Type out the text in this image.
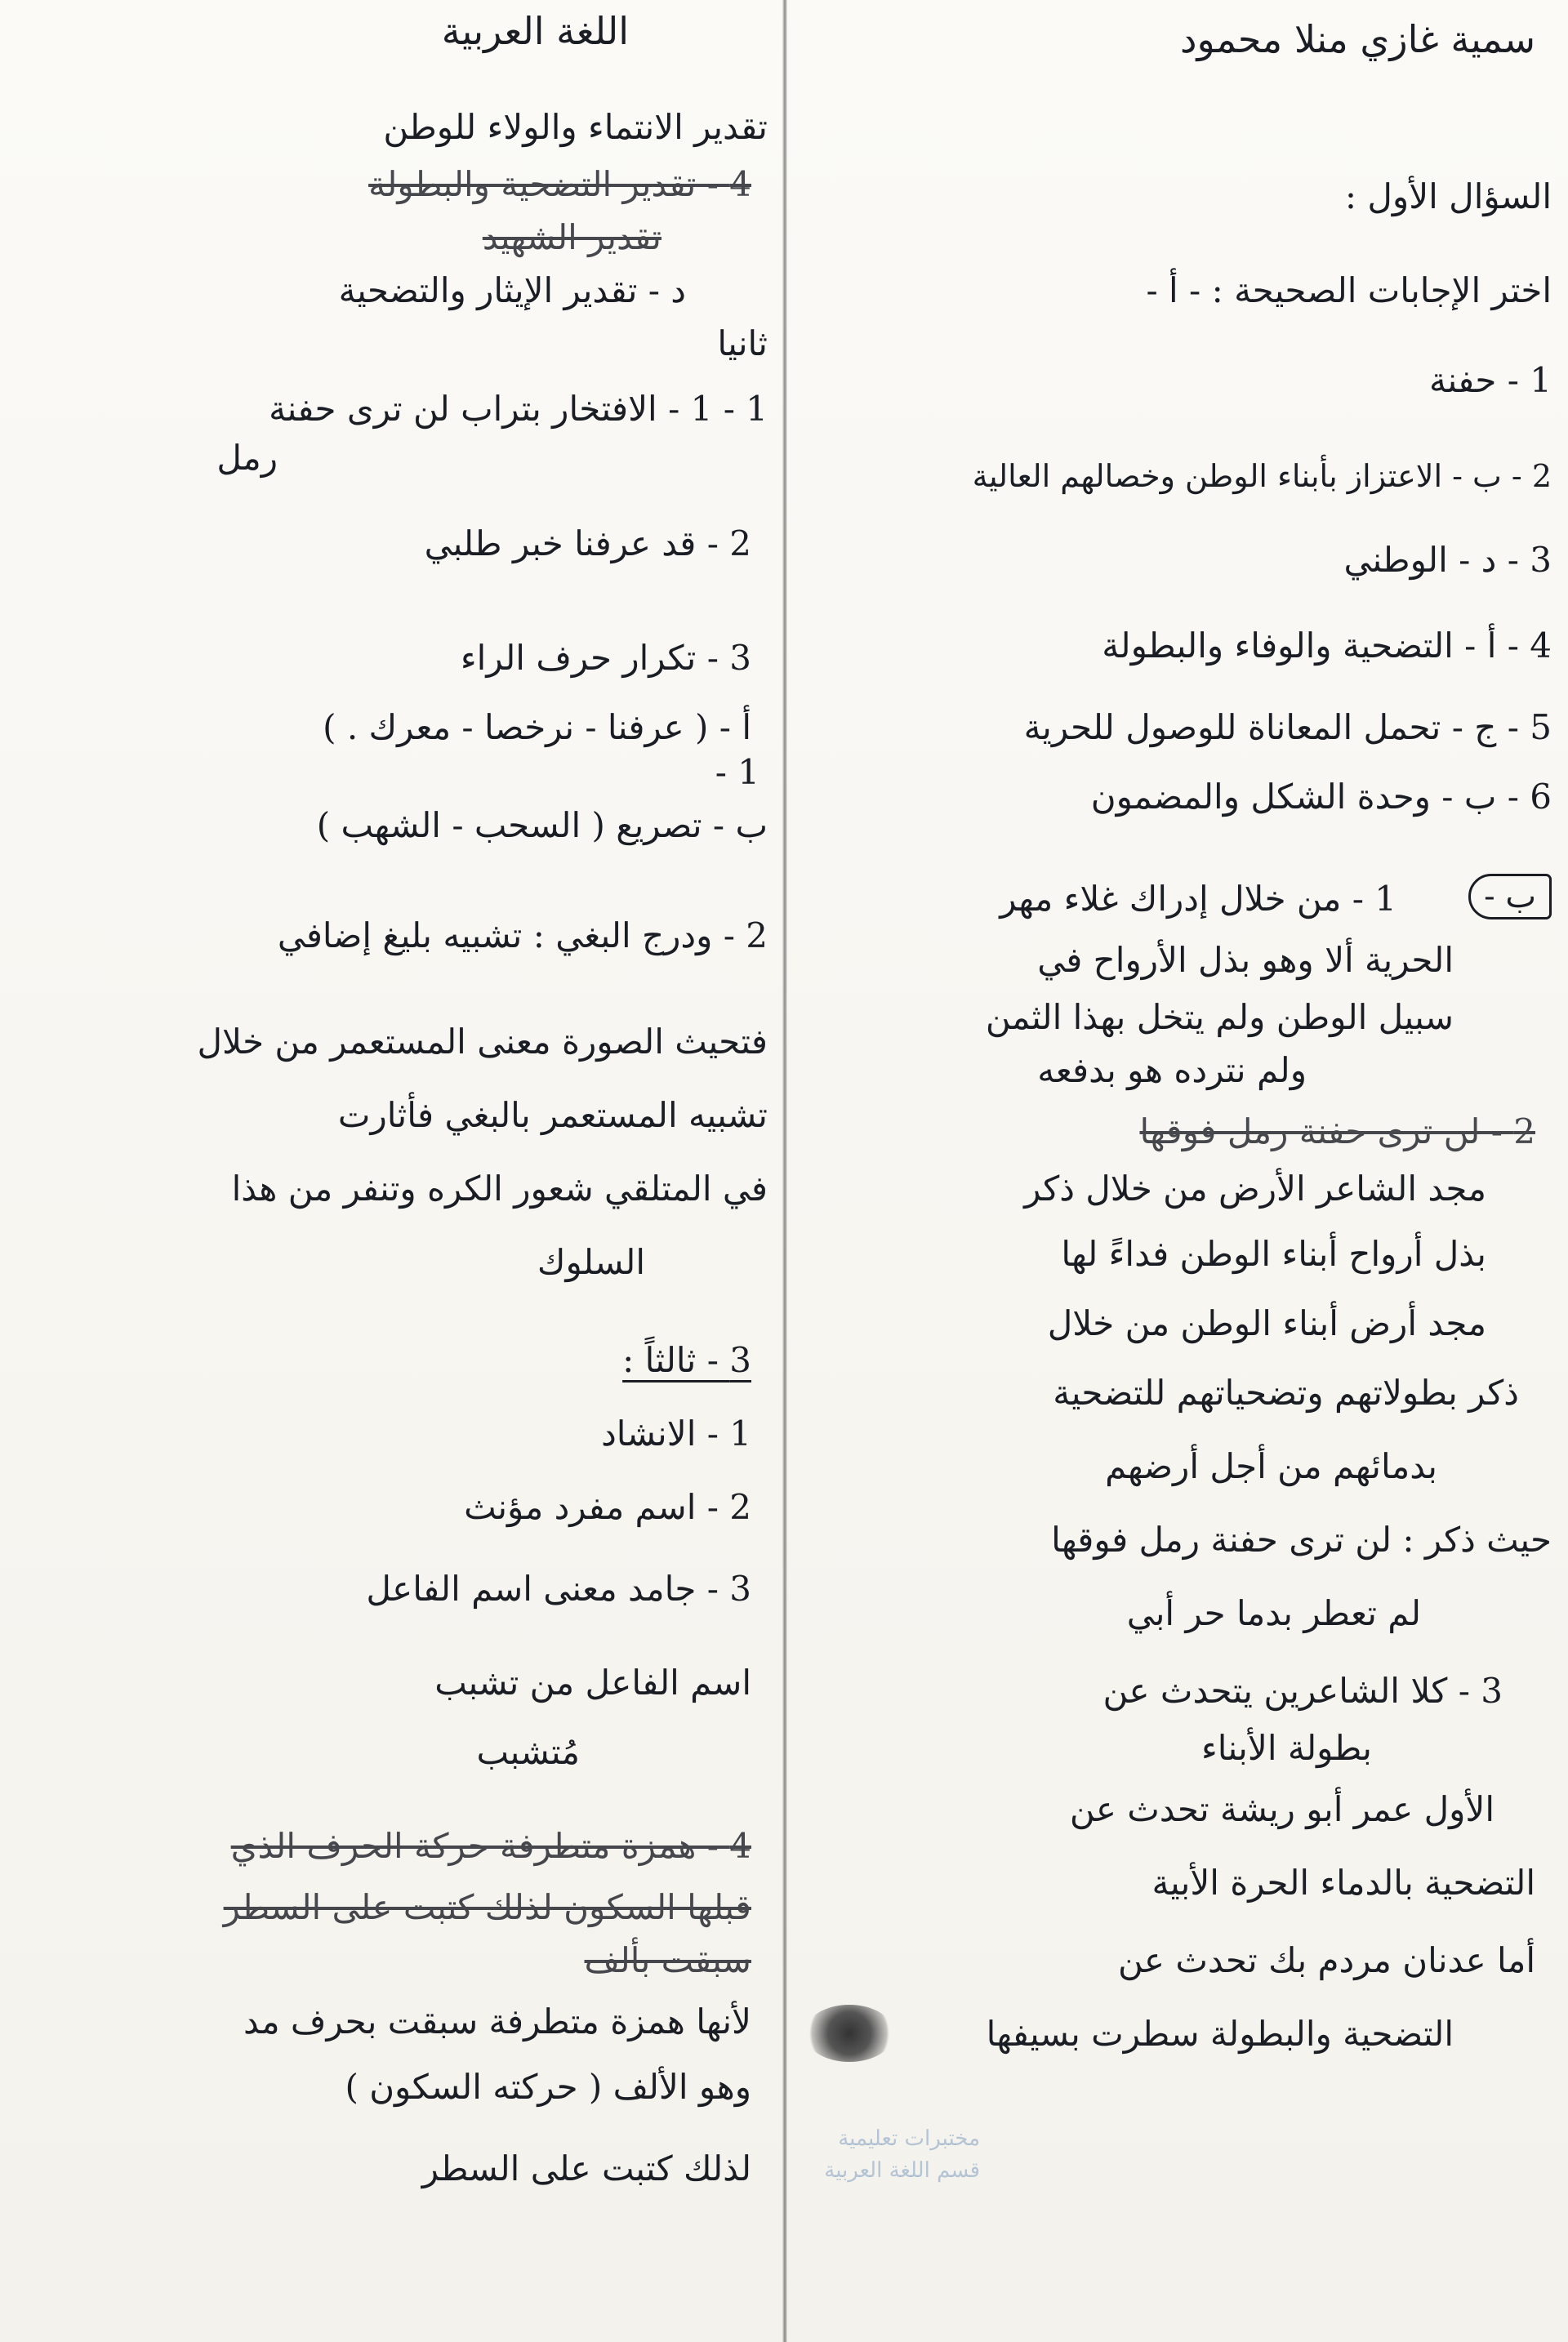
اللغة العربية
تقدير الانتماء والولاء للوطن
4 - تقدير التضحية والبطولة
تقدير الشهيد
د - تقدير الإيثار والتضحية
ثانيا
1 - 1 - الافتخار بتراب لن ترى حفنة
رمل
2 - قد عرفنا خبر طلبي
3 - تكرار حرف الراء
أ - ( عرفنا - نرخصا - معرك . )
1 -
ب - تصريع ( السحب - الشهب )
2 - ودرج البغي : تشبيه بليغ إضافي
فتحيث الصورة معنى المستعمر من خلال
تشبيه المستعمر بالبغي فأثارت
في المتلقي شعور الكره وتنفر من هذا
السلوك
3 - ثالثاً :
1 - الانشاد
2 - اسم مفرد مؤنث
3 - جامد معنى اسم الفاعل
اسم الفاعل من تشبب
مُتشبب
4 - همزة متطرفة حركة الحرف الذي
قبلها السكون لذلك كتبت على السطر
سبقت بألف
لأنها همزة متطرفة سبقت بحرف مد
وهو الألف ( حركته السكون )
لذلك كتبت على السطر
سمية غازي منلا محمود
السؤال الأول :
اختر الإجابات الصحيحة : - أ -
1 - حفنة
2 - ب - الاعتزاز بأبناء الوطن وخصالهم العالية
3 - د - الوطني
4 - أ - التضحية والوفاء والبطولة
5 - ج - تحمل المعاناة للوصول للحرية
6 - ب - وحدة الشكل والمضمون
ب -
1 - من خلال إدراك غلاء مهر
الحرية ألا وهو بذل الأرواح في
سبيل الوطن ولم يتخل بهذا الثمن
ولم نترده هو بدفعه
2 - لن ترى حفنة رمل فوقها
مجد الشاعر الأرض من خلال ذكر
بذل أرواح أبناء الوطن فداءً لها
مجد أرض أبناء الوطن من خلال
ذكر بطولاتهم وتضحياتهم للتضحية
بدمائهم من أجل أرضهم
حيث ذكر : لن ترى حفنة رمل فوقها
لم تعطر بدما حر أبي
3 - كلا الشاعرين يتحدث عن
بطولة الأبناء
الأول عمر أبو ريشة تحدث عن
التضحية بالدماء الحرة الأبية
أما عدنان مردم بك تحدث عن
التضحية والبطولة سطرت بسيفها
مختبرات تعليمية
قسم اللغة العربية
